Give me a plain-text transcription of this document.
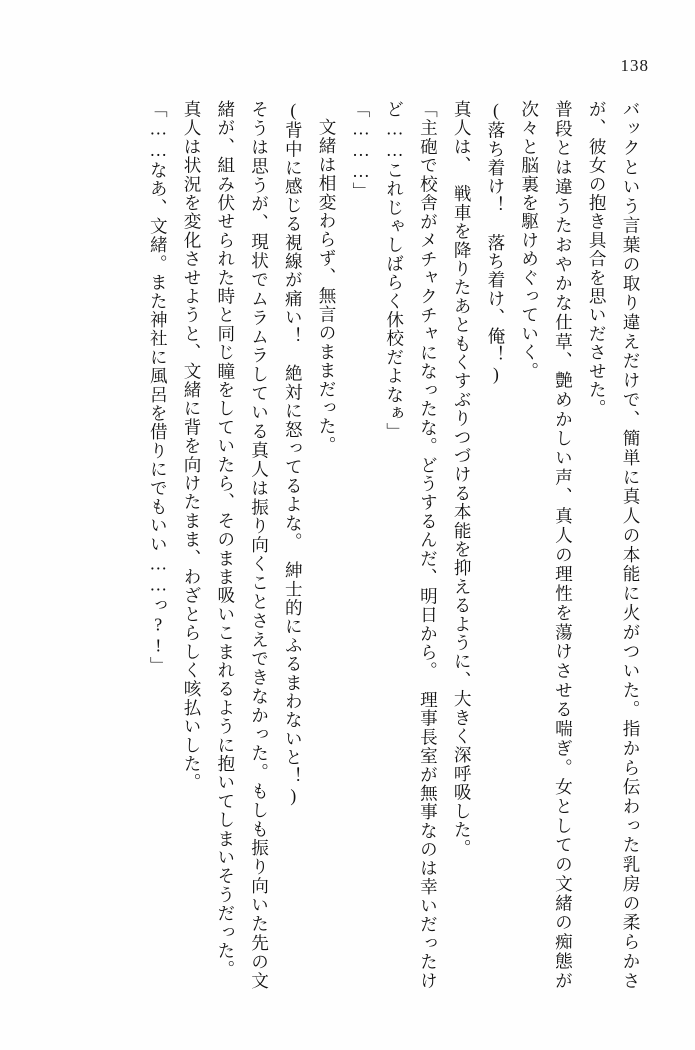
138

バックという言葉の取り違えだけで、簡単に真人の本能に火がついた。指から伝わった乳房の柔らかさが、彼女の抱き具合を思いださせた。

普段とは違うたおやかな仕草、艶めかしい声、真人の理性を蕩けさせる喘ぎ。女としての文緒の痴態が次々と脳裏を駆けめぐっていく。

(落ち着け！　落ち着け、俺！)

真人は、　戦車を降りたあともくすぶりつづける本能を抑えるように、大きく深呼吸した。

「主砲で校舎がメチャクチャになったな。どうするんだ、明日から。　理事長室が無事なのは幸いだったけど……これじゃしばらく休校だよなぁ」

「………」

文緒は相変わらず、無言のままだった。

(背中に感じる視線が痛い！　絶対に怒ってるよな。　紳士的にふるまわないと！)

そうは思うが、現状でムラムラしている真人は振り向くことさえできなかった。もしも振り向いた先の文緒が、組み伏せられた時と同じ瞳をしていたら、そのまま吸いこまれるように抱いてしまいそうだった。

真人は状況を変化させようと、文緒に背を向けたまま、わざとらしく咳払いした。

「……なあ、文緒。また神社に風呂を借りにでもいい……っ?!」
